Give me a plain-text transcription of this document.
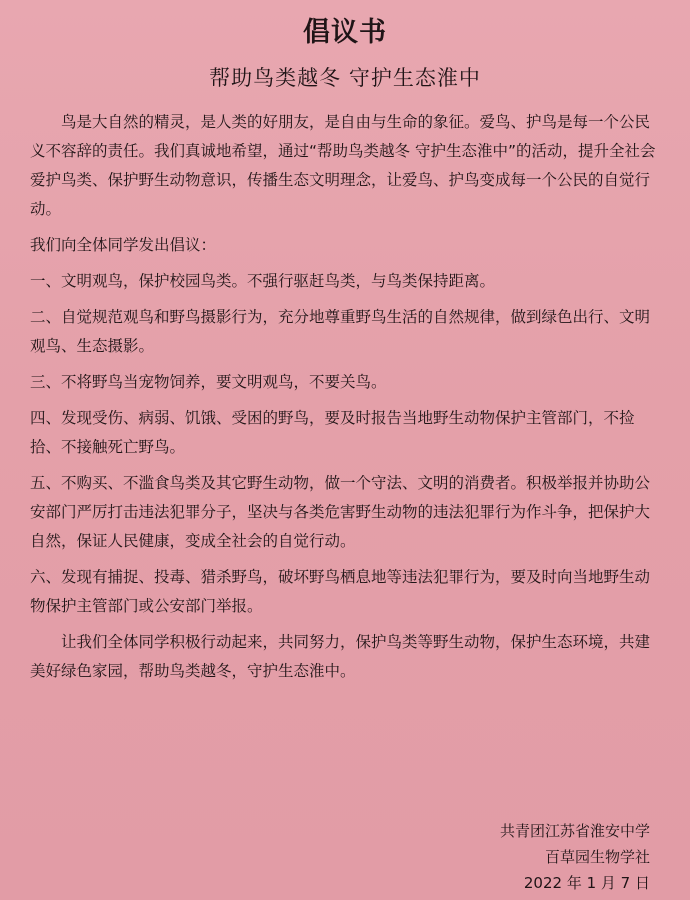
倡议书
帮助鸟类越冬 守护生态淮中

鸟是大自然的精灵，是人类的好朋友，是自由与生命的象征。爱鸟、护鸟是每一个公民义不容辞的责任。我们真诚地希望，通过“帮助鸟类越冬 守护生态淮中”的活动，提升全社会爱护鸟类、保护野生动物意识，传播生态文明理念，让爱鸟、护鸟变成每一个公民的自觉行动。

我们向全体同学发出倡议：

一、文明观鸟，保护校园鸟类。不强行驱赶鸟类，与鸟类保持距离。

二、自觉规范观鸟和野鸟摄影行为，充分地尊重野鸟生活的自然规律，做到绿色出行、文明观鸟、生态摄影。

三、不将野鸟当宠物饲养，要文明观鸟，不要关鸟。

四、发现受伤、病弱、饥饿、受困的野鸟，要及时报告当地野生动物保护主管部门，不捡拾、不接触死亡野鸟。

五、不购买、不滥食鸟类及其它野生动物，做一个守法、文明的消费者。积极举报并协助公安部门严厉打击违法犯罪分子，坚决与各类危害野生动物的违法犯罪行为作斗争，把保护大自然，保证人民健康，变成全社会的自觉行动。

六、发现有捕捉、投毒、猎杀野鸟，破坏野鸟栖息地等违法犯罪行为，要及时向当地野生动物保护主管部门或公安部门举报。

让我们全体同学积极行动起来，共同努力，保护鸟类等野生动物，保护生态环境，共建美好绿色家园，帮助鸟类越冬，守护生态淮中。

共青团江苏省淮安中学
百草园生物学社
2022 年 1 月 7 日
